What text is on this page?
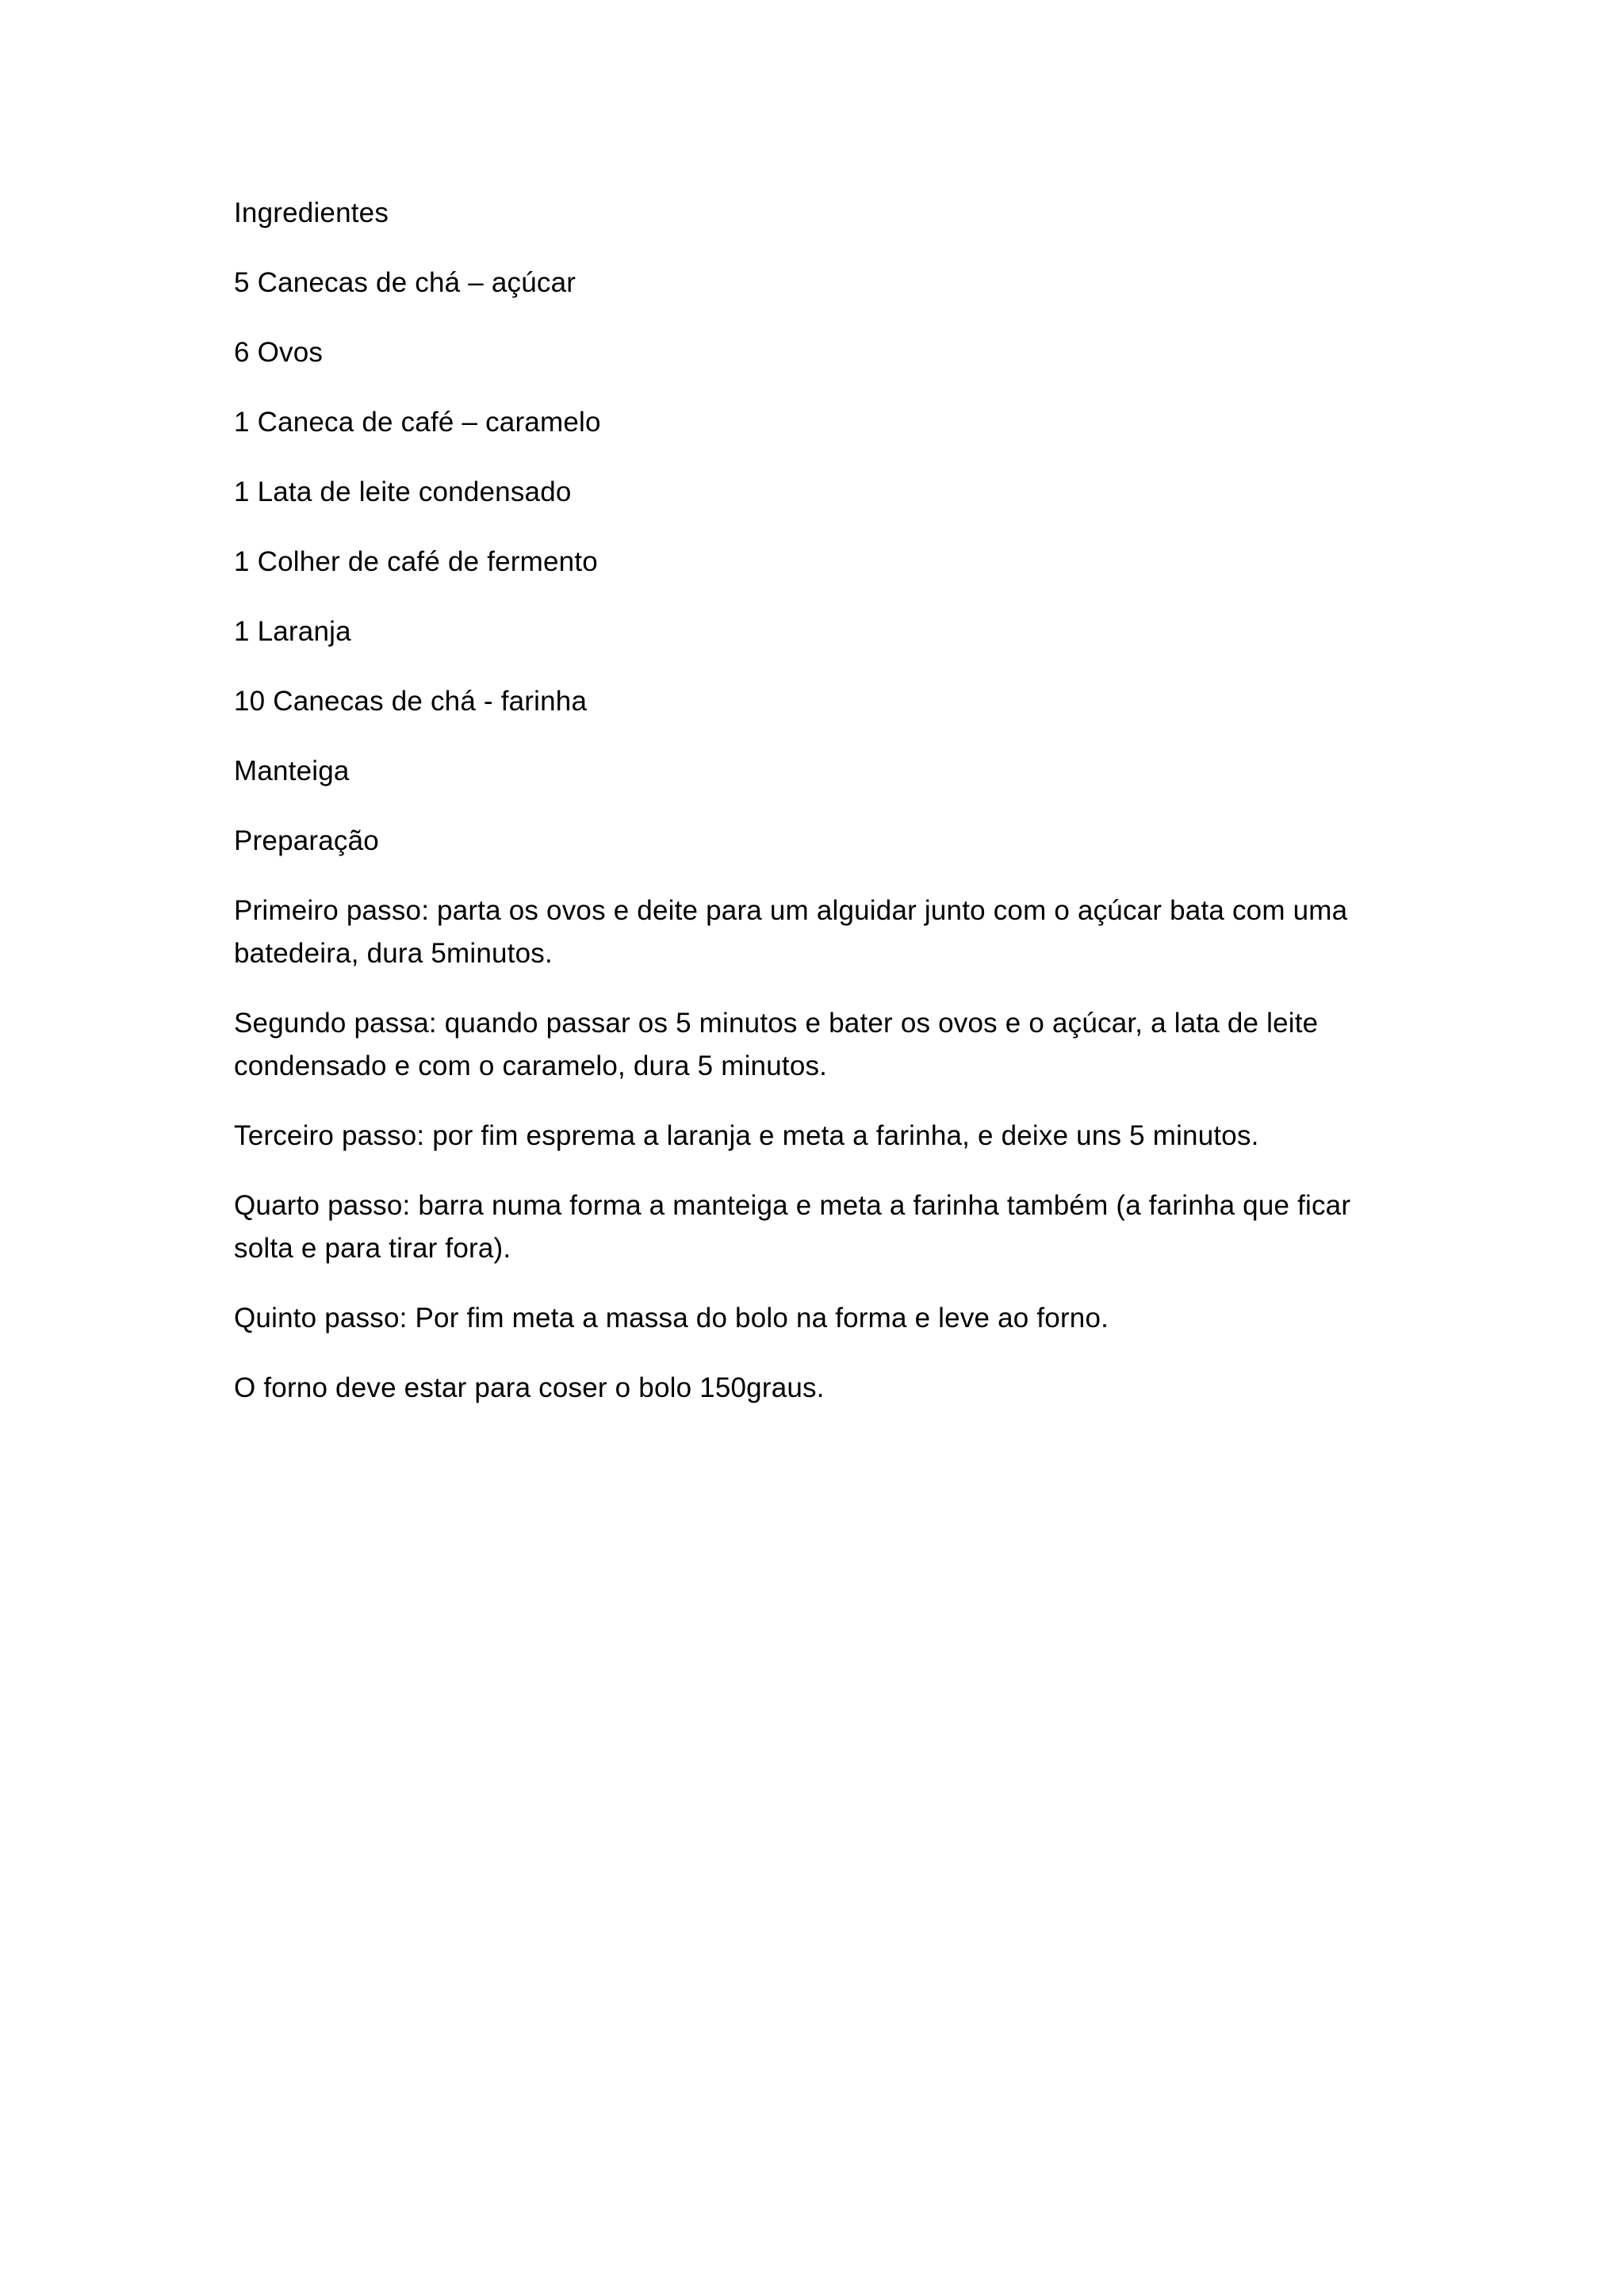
Ingredientes

5 Canecas de chá – açúcar

6 Ovos

1 Caneca de café – caramelo

1 Lata de leite condensado

1 Colher de café de fermento

1 Laranja

10 Canecas de chá - farinha

Manteiga

Preparação

Primeiro passo: parta os ovos e deite para um alguidar junto com o açúcar bata com uma batedeira, dura 5minutos.

Segundo passa: quando passar os 5 minutos e bater os ovos e o açúcar, a lata de leite condensado e com o caramelo, dura 5 minutos.

Terceiro passo: por fim esprema a laranja e meta a farinha, e deixe uns 5 minutos.

Quarto passo: barra numa forma a manteiga e meta a farinha também (a farinha que ficar solta e para tirar fora).

Quinto passo: Por fim meta a massa do bolo na forma e leve ao forno.

O forno deve estar para coser o bolo 150graus.
